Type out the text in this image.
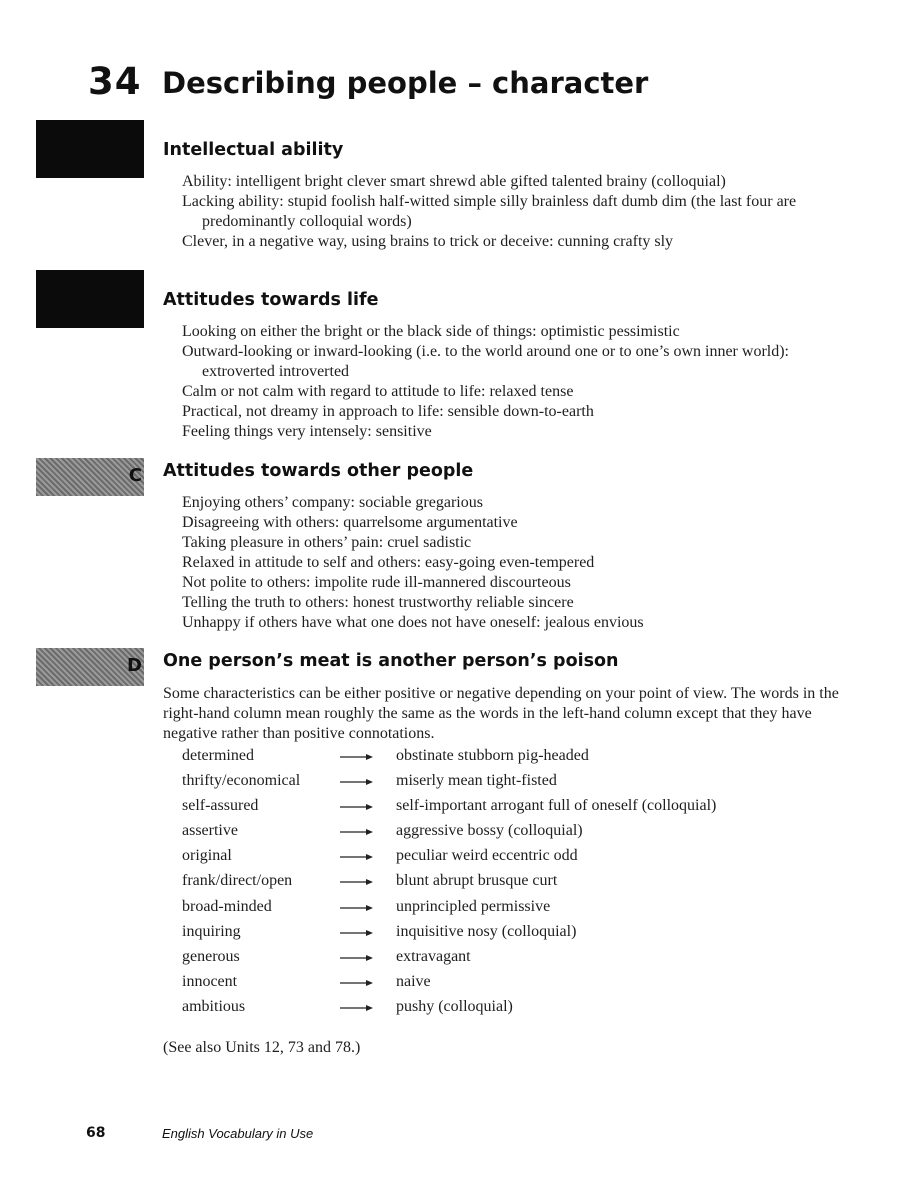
34 Describing people – character
Intellectual ability

Ability: intelligent bright clever smart shrewd able gifted talented brainy (colloquial)

Lacking ability: stupid foolish half-witted simple silly brainless daft dumb dim (the last four are predominantly colloquial words)

Clever, in a negative way, using brains to trick or deceive: cunning crafty sly

Attitudes towards life

Looking on either the bright or the black side of things: optimistic pessimistic

Outward-looking or inward-looking (i.e. to the world around one or to one’s own inner world): extroverted introverted

Calm or not calm with regard to attitude to life: relaxed tense

Practical, not dreamy in approach to life: sensible down-to-earth

Feeling things very intensely: sensitive

C Attitudes towards other people

Enjoying others’ company: sociable gregarious

Disagreeing with others: quarrelsome argumentative

Taking pleasure in others’ pain: cruel sadistic

Relaxed in attitude to self and others: easy-going even-tempered

Not polite to others: impolite rude ill-mannered discourteous

Telling the truth to others: honest trustworthy reliable sincere

Unhappy if others have what one does not have oneself: jealous envious

D One person’s meat is another person’s poison
Some characteristics can be either positive or negative depending on your point of view. The words in the right-hand column mean roughly the same as the words in the left-hand column except that they have negative rather than positive connotations.
determined	obstinate stubborn pig-headed
thrifty/economical	miserly mean tight-fisted
self-assured	self-important arrogant full of oneself (colloquial)
assertive	aggressive bossy (colloquial)
original	peculiar weird eccentric odd
frank/direct/open	blunt abrupt brusque curt
broad-minded	unprincipled permissive
inquiring	inquisitive nosy (colloquial)
generous	extravagant
innocent	naive
ambitious	pushy (colloquial)
(See also Units 12, 73 and 78.)
68	English Vocabulary in Use
